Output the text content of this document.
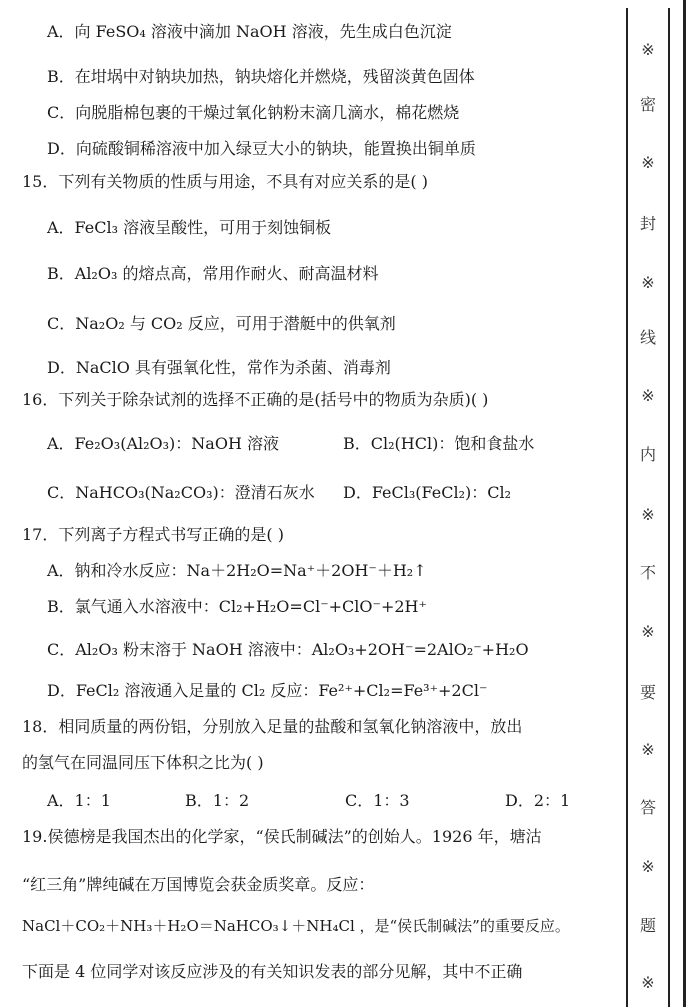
A．向 FeSO₄ 溶液中滴加 NaOH 溶液，先生成白色沉淀
B．在坩埚中对钠块加热，钠块熔化并燃烧，残留淡黄色固体
C．向脱脂棉包裹的干燥过氧化钠粉末滴几滴水，棉花燃烧
D．向硫酸铜稀溶液中加入绿豆大小的钠块，能置换出铜单质
15．下列有关物质的性质与用途，不具有对应关系的是( )
A．FeCl₃ 溶液呈酸性，可用于刻蚀铜板
B．Al₂O₃ 的熔点高，常用作耐火、耐高温材料
C．Na₂O₂ 与 CO₂ 反应，可用于潜艇中的供氧剂
D．NaClO 具有强氧化性，常作为杀菌、消毒剂
16．下列关于除杂试剂的选择不正确的是(括号中的物质为杂质)( )
A．Fe₂O₃(Al₂O₃)：NaOH 溶液	B．Cl₂(HCl)：饱和食盐水
C．NaHCO₃(Na₂CO₃)：澄清石灰水 D．FeCl₃(FeCl₂)：Cl₂
17．下列离子方程式书写正确的是( )
A．钠和冷水反应：Na＋2H₂O=Na⁺＋2OH⁻＋H₂↑
B．氯气通入水溶液中：Cl₂+H₂O=Cl⁻+ClO⁻+2H⁺
C．Al₂O₃ 粉末溶于 NaOH 溶液中：Al₂O₃+2OH⁻=2AlO₂⁻+H₂O
D．FeCl₂ 溶液通入足量的 Cl₂ 反应：Fe²⁺+Cl₂=Fe³⁺+2Cl⁻
18．相同质量的两份铝，分别放入足量的盐酸和氢氧化钠溶液中，放出
的氢气在同温同压下体积之比为( )
A．1：1	B．1：2	C．1：3	D．2：1
19.侯德榜是我国杰出的化学家，“侯氏制碱法”的创始人。1926 年，塘沽
“红三角”牌纯碱在万国博览会获金质奖章。反应：
NaCl＋CO₂＋NH₃＋H₂O＝NaHCO₃↓＋NH₄Cl ，是“侯氏制碱法”的重要反应。
下面是 4 位同学对该反应涉及的有关知识发表的部分见解，其中不正确
※
密
※
封
※
线
※
内
※
不
※
要
※
答
※
题
※
